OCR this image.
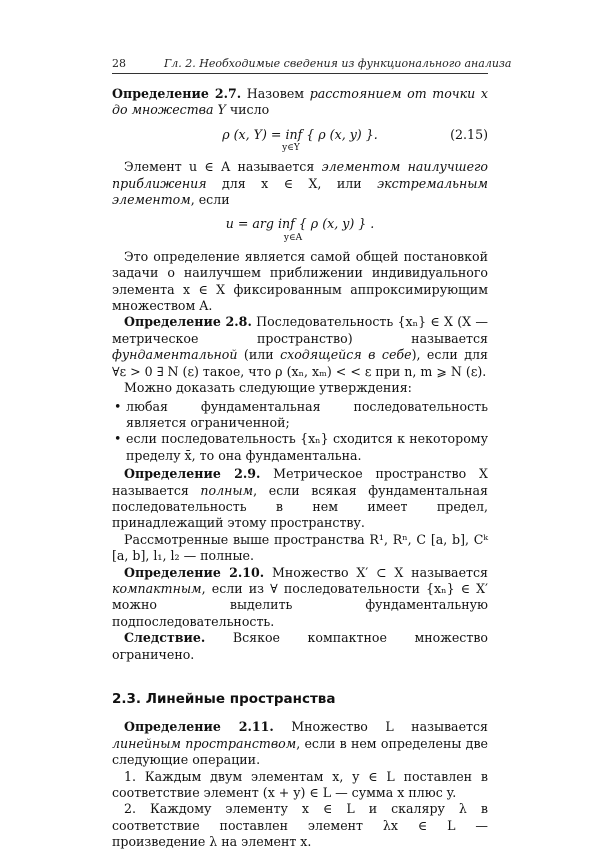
28	Гл. 2. Необходимые сведения из функционального анализа

Определение 2.7. Назовем расстоянием от точки x до множества Y число

ρ (x, Y) = inf { ρ (x, y) }.	(2.15)
y∈Y

Элемент u ∈ A называется элементом наилучшего приближения для x ∈ X, или экстремальным элементом, если

u = arg inf { ρ (x, y) } .
y∈A

Это определение является самой общей постановкой задачи о наилучшем приближении индивидуального элемента x ∈ X фиксированным аппроксимирующим множеством A.

Определение 2.8. Последовательность {xₙ} ∈ X (X — метрическое пространство) называется фундаментальной (или сходящейся в себе), если для ∀ε > 0 ∃ N (ε) такое, что ρ (xₙ, xₘ) < < ε при n, m ⩾ N (ε).

Можно доказать следующие утверждения:

• любая фундаментальная последовательность является ограниченной;
• если последовательность {xₙ} сходится к некоторому пределу x̄, то она фундаментальна.

Определение 2.9. Метрическое пространство X называется полным, если всякая фундаментальная последовательность в нем имеет предел, принадлежащий этому пространству.

Рассмотренные выше пространства R¹, Rⁿ, C [a, b], Cᵏ [a, b], l₁, l₂ — полные.

Определение 2.10. Множество X′ ⊂ X называется компактным, если из ∀ последовательности {xₙ} ∈ X′ можно выделить фундаментальную подпоследовательность.

Следствие. Всякое компактное множество ограничено.

2.3. Линейные пространства

Определение 2.11. Множество L называется линейным пространством, если в нем определены две следующие операции.

1. Каждым двум элементам x, y ∈ L поставлен в соответствие элемент (x + y) ∈ L — сумма x плюс y.

2. Каждому элементу x ∈ L и скаляру λ в соответствие поставлен элемент λx ∈ L — произведение λ на элемент x.
